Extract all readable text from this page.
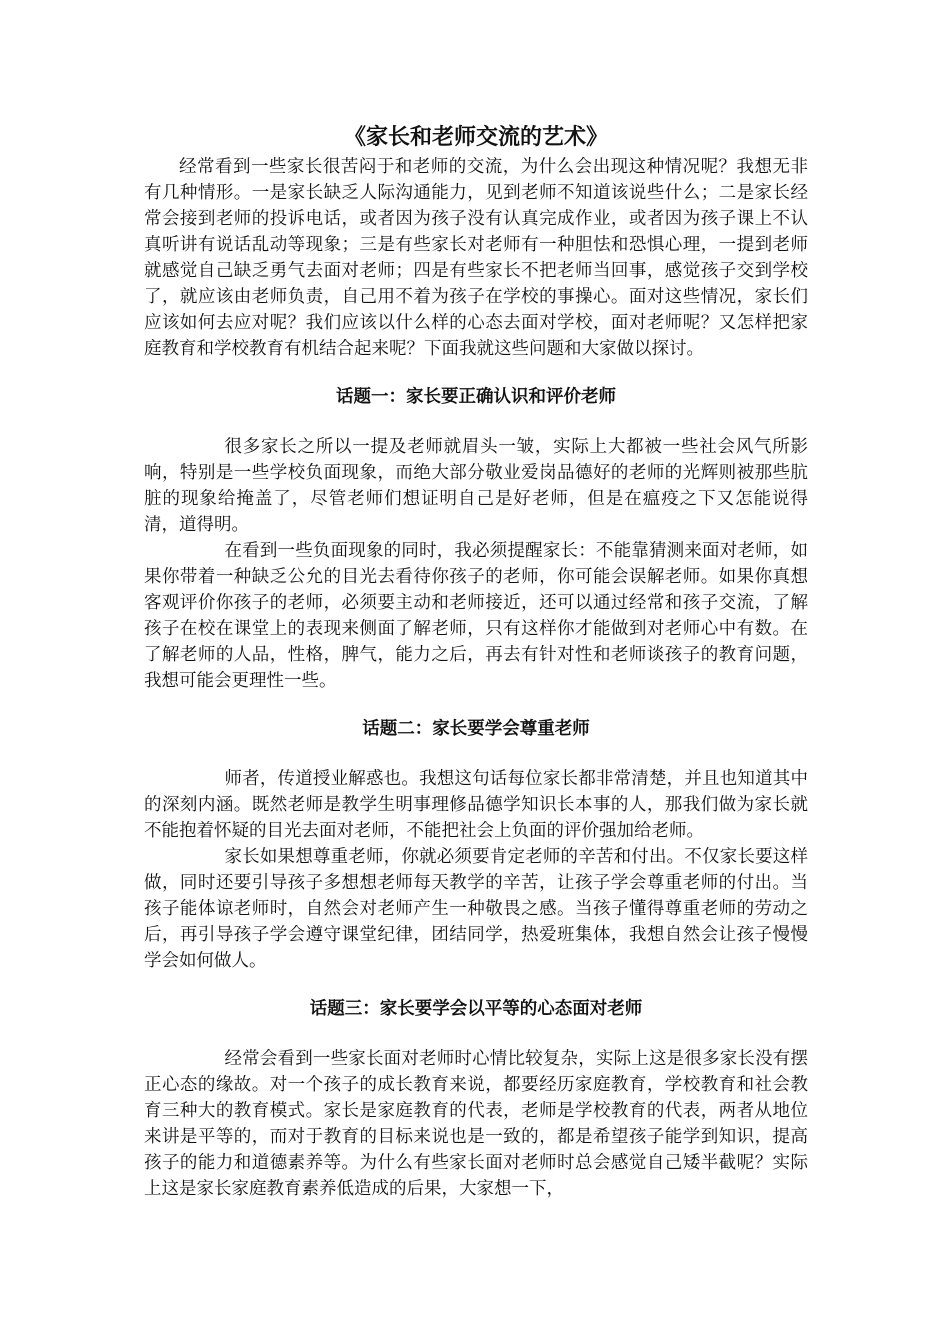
《家长和老师交流的艺术》

经常看到一些家长很苦闷于和老师的交流，为什么会出现这种情况呢？我想无非有几种情形。一是家长缺乏人际沟通能力，见到老师不知道该说些什么；二是家长经常会接到老师的投诉电话，或者因为孩子没有认真完成作业，或者因为孩子课上不认真听讲有说话乱动等现象；三是有些家长对老师有一种胆怯和恐惧心理，一提到老师就感觉自己缺乏勇气去面对老师；四是有些家长不把老师当回事，感觉孩子交到学校了，就应该由老师负责，自己用不着为孩子在学校的事操心。面对这些情况，家长们应该如何去应对呢？我们应该以什么样的心态去面对学校，面对老师呢？又怎样把家庭教育和学校教育有机结合起来呢？下面我就这些问题和大家做以探讨。

话题一：家长要正确认识和评价老师

很多家长之所以一提及老师就眉头一皱，实际上大都被一些社会风气所影响，特别是一些学校负面现象，而绝大部分敬业爱岗品德好的老师的光辉则被那些肮脏的现象给掩盖了，尽管老师们想证明自己是好老师，但是在瘟疫之下又怎能说得清，道得明。

在看到一些负面现象的同时，我必须提醒家长：不能靠猜测来面对老师，如果你带着一种缺乏公允的目光去看待你孩子的老师，你可能会误解老师。如果你真想客观评价你孩子的老师，必须要主动和老师接近，还可以通过经常和孩子交流，了解孩子在校在课堂上的表现来侧面了解老师，只有这样你才能做到对老师心中有数。在了解老师的人品，性格，脾气，能力之后，再去有针对性和老师谈孩子的教育问题，我想可能会更理性一些。

话题二：家长要学会尊重老师

师者，传道授业解惑也。我想这句话每位家长都非常清楚，并且也知道其中的深刻内涵。既然老师是教学生明事理修品德学知识长本事的人，那我们做为家长就不能抱着怀疑的目光去面对老师，不能把社会上负面的评价强加给老师。

家长如果想尊重老师，你就必须要肯定老师的辛苦和付出。不仅家长要这样做，同时还要引导孩子多想想老师每天教学的辛苦，让孩子学会尊重老师的付出。当孩子能体谅老师时，自然会对老师产生一种敬畏之感。当孩子懂得尊重老师的劳动之后，再引导孩子学会遵守课堂纪律，团结同学，热爱班集体，我想自然会让孩子慢慢学会如何做人。

话题三：家长要学会以平等的心态面对老师

经常会看到一些家长面对老师时心情比较复杂，实际上这是很多家长没有摆正心态的缘故。对一个孩子的成长教育来说，都要经历家庭教育，学校教育和社会教育三种大的教育模式。家长是家庭教育的代表，老师是学校教育的代表，两者从地位来讲是平等的，而对于教育的目标来说也是一致的，都是希望孩子能学到知识，提高孩子的能力和道德素养等。为什么有些家长面对老师时总会感觉自己矮半截呢？实际上这是家长家庭教育素养低造成的后果，大家想一下，
